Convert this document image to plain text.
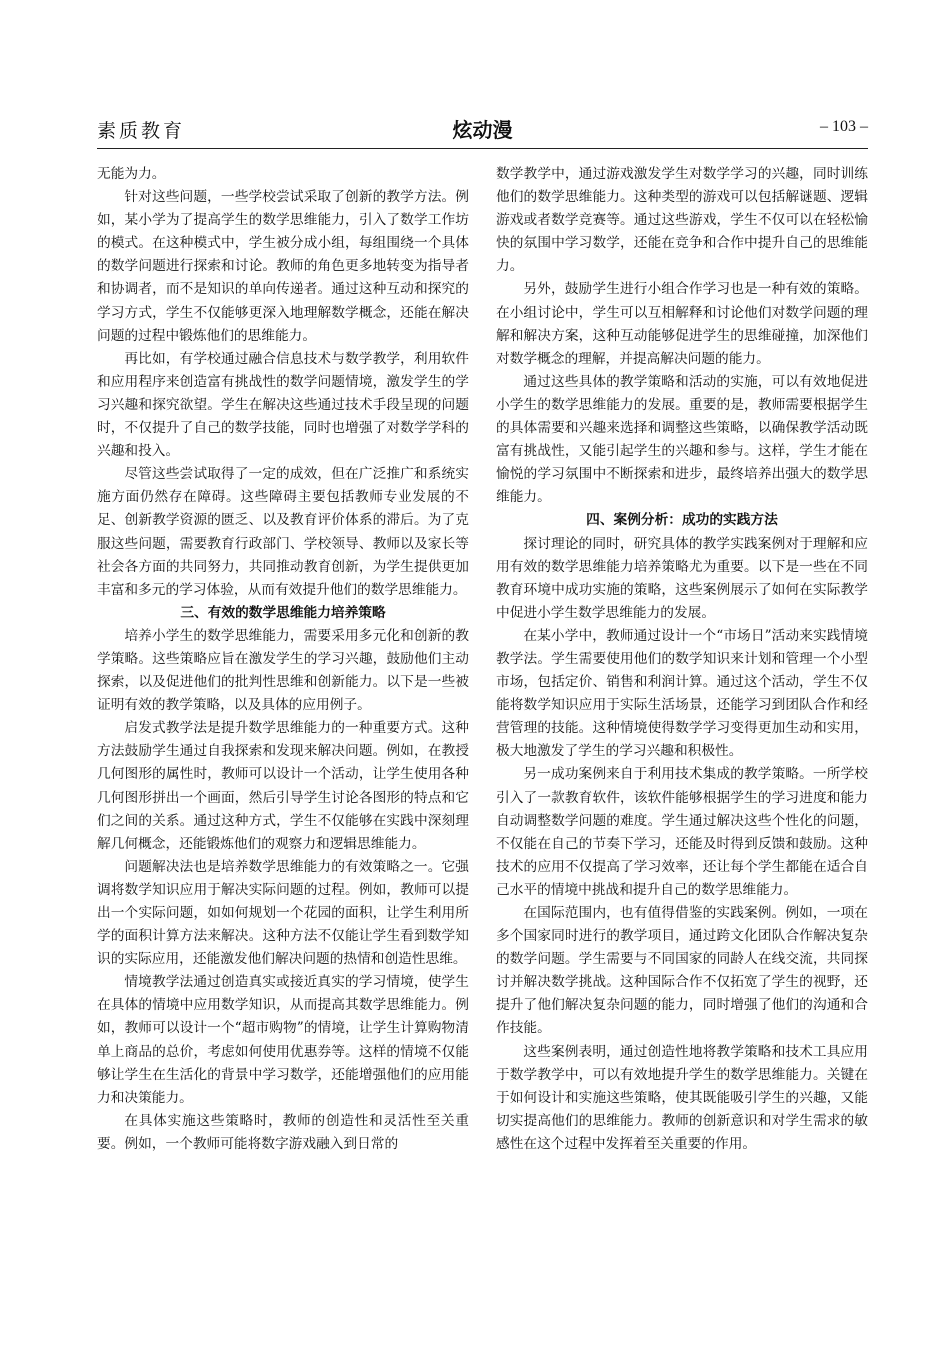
素质教育	炫动漫	– 103 –

无能为力。

针对这些问题，一些学校尝试采取了创新的教学方法。例如，某小学为了提高学生的数学思维能力，引入了数学工作坊的模式。在这种模式中，学生被分成小组，每组围绕一个具体的数学问题进行探索和讨论。教师的角色更多地转变为指导者和协调者，而不是知识的单向传递者。通过这种互动和探究的学习方式，学生不仅能够更深入地理解数学概念，还能在解决问题的过程中锻炼他们的思维能力。

再比如，有学校通过融合信息技术与数学教学，利用软件和应用程序来创造富有挑战性的数学问题情境，激发学生的学习兴趣和探究欲望。学生在解决这些通过技术手段呈现的问题时，不仅提升了自己的数学技能，同时也增强了对数学学科的兴趣和投入。

尽管这些尝试取得了一定的成效，但在广泛推广和系统实施方面仍然存在障碍。这些障碍主要包括教师专业发展的不足、创新教学资源的匮乏、以及教育评价体系的滞后。为了克服这些问题，需要教育行政部门、学校领导、教师以及家长等社会各方面的共同努力，共同推动教育创新，为学生提供更加丰富和多元的学习体验，从而有效提升他们的数学思维能力。

三、有效的数学思维能力培养策略

培养小学生的数学思维能力，需要采用多元化和创新的教学策略。这些策略应旨在激发学生的学习兴趣，鼓励他们主动探索，以及促进他们的批判性思维和创新能力。以下是一些被证明有效的教学策略，以及具体的应用例子。

启发式教学法是提升数学思维能力的一种重要方式。这种方法鼓励学生通过自我探索和发现来解决问题。例如，在教授几何图形的属性时，教师可以设计一个活动，让学生使用各种几何图形拼出一个画面，然后引导学生讨论各图形的特点和它们之间的关系。通过这种方式，学生不仅能够在实践中深刻理解几何概念，还能锻炼他们的观察力和逻辑思维能力。

问题解决法也是培养数学思维能力的有效策略之一。它强调将数学知识应用于解决实际问题的过程。例如，教师可以提出一个实际问题，如如何规划一个花园的面积，让学生利用所学的面积计算方法来解决。这种方法不仅能让学生看到数学知识的实际应用，还能激发他们解决问题的热情和创造性思维。

情境教学法通过创造真实或接近真实的学习情境，使学生在具体的情境中应用数学知识，从而提高其数学思维能力。例如，教师可以设计一个“超市购物”的情境，让学生计算购物清单上商品的总价，考虑如何使用优惠券等。这样的情境不仅能够让学生在生活化的背景中学习数学，还能增强他们的应用能力和决策能力。

在具体实施这些策略时，教师的创造性和灵活性至关重要。例如，一个教师可能将数字游戏融入到日常的

数学教学中，通过游戏激发学生对数学学习的兴趣，同时训练他们的数学思维能力。这种类型的游戏可以包括解谜题、逻辑游戏或者数学竞赛等。通过这些游戏，学生不仅可以在轻松愉快的氛围中学习数学，还能在竞争和合作中提升自己的思维能力。

另外，鼓励学生进行小组合作学习也是一种有效的策略。在小组讨论中，学生可以互相解释和讨论他们对数学问题的理解和解决方案，这种互动能够促进学生的思维碰撞，加深他们对数学概念的理解，并提高解决问题的能力。

通过这些具体的教学策略和活动的实施，可以有效地促进小学生的数学思维能力的发展。重要的是，教师需要根据学生的具体需要和兴趣来选择和调整这些策略，以确保教学活动既富有挑战性，又能引起学生的兴趣和参与。这样，学生才能在愉悦的学习氛围中不断探索和进步，最终培养出强大的数学思维能力。

四、案例分析：成功的实践方法

探讨理论的同时，研究具体的教学实践案例对于理解和应用有效的数学思维能力培养策略尤为重要。以下是一些在不同教育环境中成功实施的策略，这些案例展示了如何在实际教学中促进小学生数学思维能力的发展。

在某小学中，教师通过设计一个“市场日”活动来实践情境教学法。学生需要使用他们的数学知识来计划和管理一个小型市场，包括定价、销售和利润计算。通过这个活动，学生不仅能将数学知识应用于实际生活场景，还能学习到团队合作和经营管理的技能。这种情境使得数学学习变得更加生动和实用，极大地激发了学生的学习兴趣和积极性。

另一成功案例来自于利用技术集成的教学策略。一所学校引入了一款教育软件，该软件能够根据学生的学习进度和能力自动调整数学问题的难度。学生通过解决这些个性化的问题，不仅能在自己的节奏下学习，还能及时得到反馈和鼓励。这种技术的应用不仅提高了学习效率，还让每个学生都能在适合自己水平的情境中挑战和提升自己的数学思维能力。

在国际范围内，也有值得借鉴的实践案例。例如，一项在多个国家同时进行的教学项目，通过跨文化团队合作解决复杂的数学问题。学生需要与不同国家的同龄人在线交流，共同探讨并解决数学挑战。这种国际合作不仅拓宽了学生的视野，还提升了他们解决复杂问题的能力，同时增强了他们的沟通和合作技能。

这些案例表明，通过创造性地将教学策略和技术工具应用于数学教学中，可以有效地提升学生的数学思维能力。关键在于如何设计和实施这些策略，使其既能吸引学生的兴趣，又能切实提高他们的思维能力。教师的创新意识和对学生需求的敏感性在这个过程中发挥着至关重要的作用。
